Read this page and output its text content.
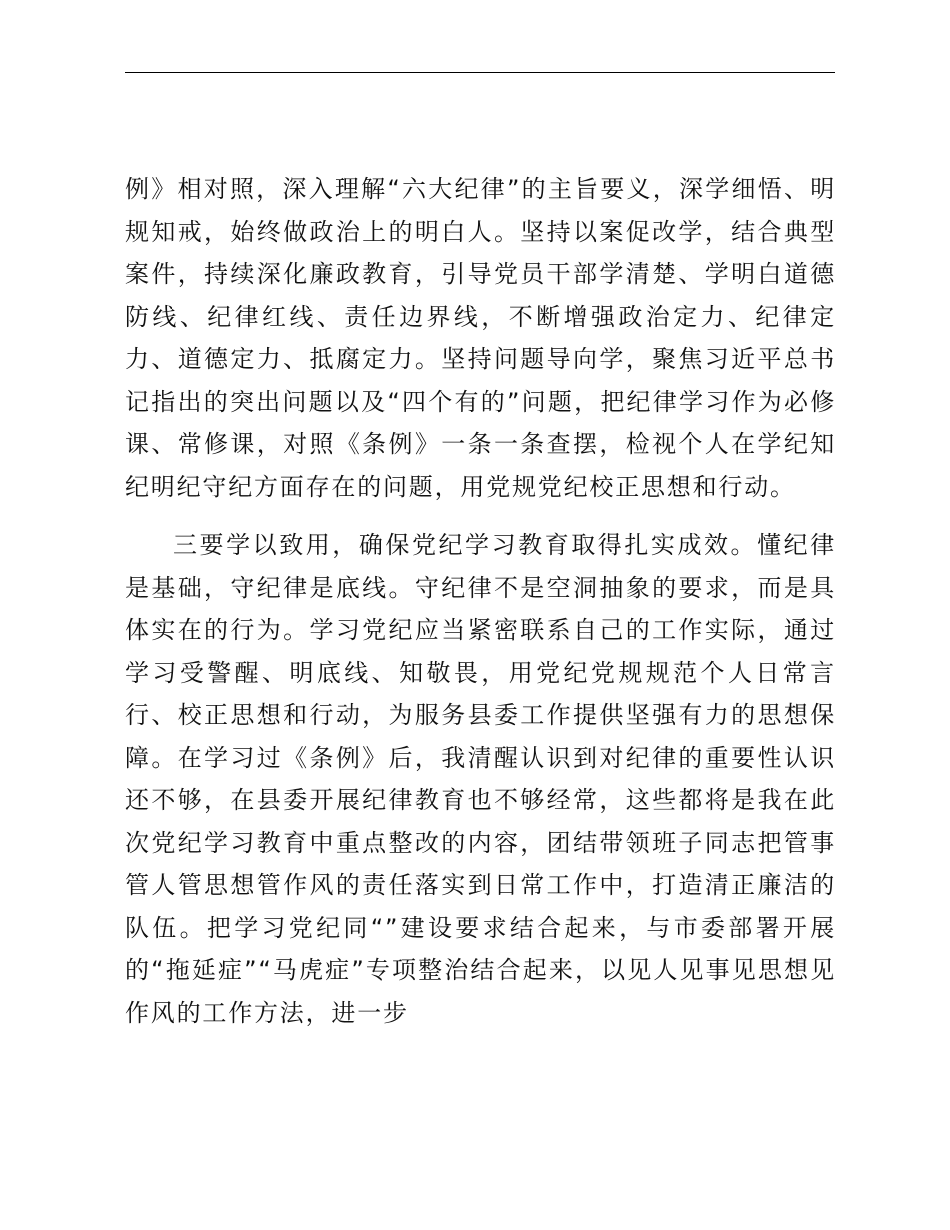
例》相对照，深入理解“六大纪律”的主旨要义，深学细悟、明规知戒，始终做政治上的明白人。坚持以案促改学，结合典型案件，持续深化廉政教育，引导党员干部学清楚、学明白道德防线、纪律红线、责任边界线，不断增强政治定力、纪律定力、道德定力、抵腐定力。坚持问题导向学，聚焦习近平总书记指出的突出问题以及“四个有的”问题，把纪律学习作为必修课、常修课，对照《条例》一条一条查摆，检视个人在学纪知纪明纪守纪方面存在的问题，用党规党纪校正思想和行动。

三要学以致用，确保党纪学习教育取得扎实成效。懂纪律是基础，守纪律是底线。守纪律不是空洞抽象的要求，而是具体实在的行为。学习党纪应当紧密联系自己的工作实际，通过学习受警醒、明底线、知敬畏，用党纪党规规范个人日常言行、校正思想和行动，为服务县委工作提供坚强有力的思想保障。在学习过《条例》后，我清醒认识到对纪律的重要性认识还不够，在县委开展纪律教育也不够经常，这些都将是我在此次党纪学习教育中重点整改的内容，团结带领班子同志把管事管人管思想管作风的责任落实到日常工作中，打造清正廉洁的队伍。把学习党纪同“”建设要求结合起来，与市委部署开展的“拖延症”“马虎症”专项整治结合起来，以见人见事见思想见作风的工作方法，进一步
